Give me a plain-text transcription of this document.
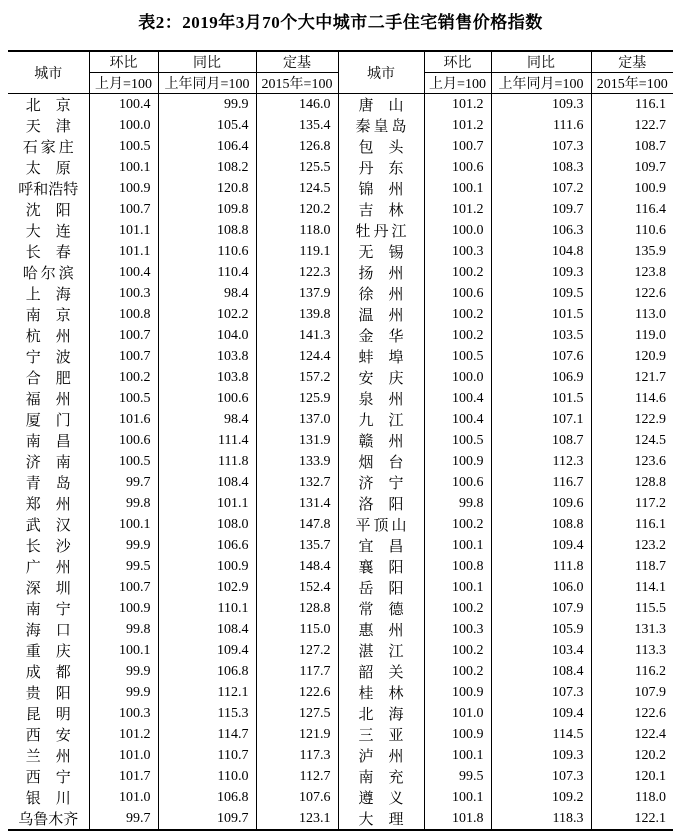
表2：2019年3月70个大中城市二手住宅销售价格指数
城市	环比	同比	定基	城市	环比	同比	定基
	上月=100	上年同月=100	2015年=100		上月=100	上年同月=100	2015年=100
北　京	100.4	99.9	146.0	唐　山	101.2	109.3	116.1
天　津	100.0	105.4	135.4	秦皇岛	101.2	111.6	122.7
石家庄	100.5	106.4	126.8	包　头	100.7	107.3	108.7
太　原	100.1	108.2	125.5	丹　东	100.6	108.3	109.7
呼和浩特	100.9	120.8	124.5	锦　州	100.1	107.2	100.9
沈　阳	100.7	109.8	120.2	吉　林	101.2	109.7	116.4
大　连	101.1	108.8	118.0	牡丹江	100.0	106.3	110.6
长　春	101.1	110.6	119.1	无　锡	100.3	104.8	135.9
哈尔滨	100.4	110.4	122.3	扬　州	100.2	109.3	123.8
上　海	100.3	98.4	137.9	徐　州	100.6	109.5	122.6
南　京	100.8	102.2	139.8	温　州	100.2	101.5	113.0
杭　州	100.7	104.0	141.3	金　华	100.2	103.5	119.0
宁　波	100.7	103.8	124.4	蚌　埠	100.5	107.6	120.9
合　肥	100.2	103.8	157.2	安　庆	100.0	106.9	121.7
福　州	100.5	100.6	125.9	泉　州	100.4	101.5	114.6
厦　门	101.6	98.4	137.0	九　江	100.4	107.1	122.9
南　昌	100.6	111.4	131.9	赣　州	100.5	108.7	124.5
济　南	100.5	111.8	133.9	烟　台	100.9	112.3	123.6
青　岛	99.7	108.4	132.7	济　宁	100.6	116.7	128.8
郑　州	99.8	101.1	131.4	洛　阳	99.8	109.6	117.2
武　汉	100.1	108.0	147.8	平顶山	100.2	108.8	116.1
长　沙	99.9	106.6	135.7	宜　昌	100.1	109.4	123.2
广　州	99.5	100.9	148.4	襄　阳	100.8	111.8	118.7
深　圳	100.7	102.9	152.4	岳　阳	100.1	106.0	114.1
南　宁	100.9	110.1	128.8	常　德	100.2	107.9	115.5
海　口	99.8	108.4	115.0	惠　州	100.3	105.9	131.3
重　庆	100.1	109.4	127.2	湛　江	100.2	103.4	113.3
成　都	99.9	106.8	117.7	韶　关	100.2	108.4	116.2
贵　阳	99.9	112.1	122.6	桂　林	100.9	107.3	107.9
昆　明	100.3	115.3	127.5	北　海	101.0	109.4	122.6
西　安	101.2	114.7	121.9	三　亚	100.9	114.5	122.4
兰　州	101.0	110.7	117.3	泸　州	100.1	109.3	120.2
西　宁	101.7	110.0	112.7	南　充	99.5	107.3	120.1
银　川	101.0	106.8	107.6	遵　义	100.1	109.2	118.0
乌鲁木齐	99.7	109.7	123.1	大　理	101.8	118.3	122.1
